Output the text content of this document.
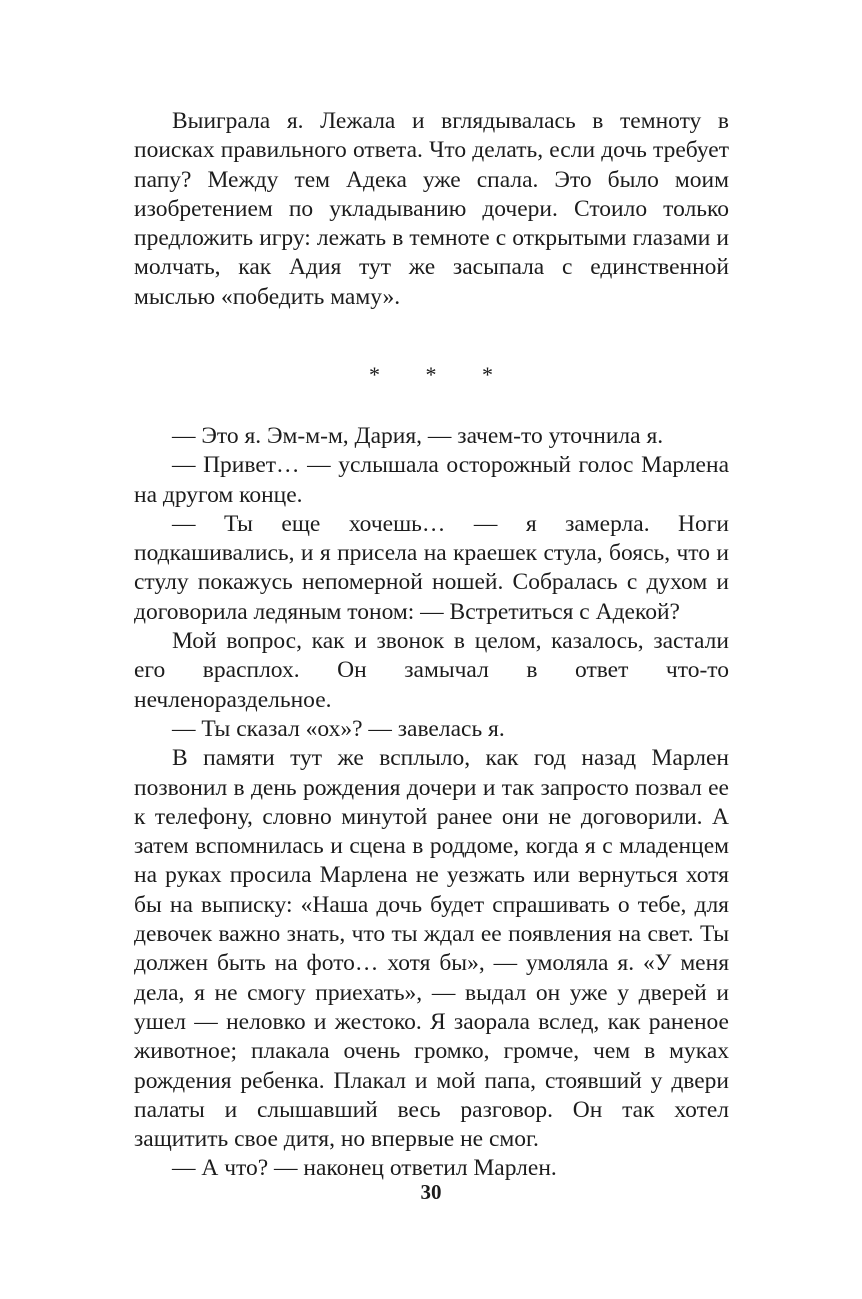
Выиграла я. Лежала и вглядывалась в темноту в поисках правильного ответа. Что делать, если дочь требует папу? Между тем Адека уже спала. Это было моим изобретением по укладыванию дочери. Стоило только предложить игру: лежать в темноте с открытыми глазами и молчать, как Адия тут же засыпала с единственной мыслью «победить маму».

* * *

— Это я. Эм-м-м, Дария, — зачем-то уточнила я.

— Привет… — услышала осторожный голос Марлена на другом конце.

— Ты еще хочешь… — я замерла. Ноги подкашивались, и я присела на краешек стула, боясь, что и стулу покажусь непомерной ношей. Собралась с духом и договорила ледяным тоном: — Встретиться с Адекой?

Мой вопрос, как и звонок в целом, казалось, застали его врасплох. Он замычал в ответ что-то нечленораздельное.

— Ты сказал «ох»? — завелась я.

В памяти тут же всплыло, как год назад Марлен позвонил в день рождения дочери и так запросто позвал ее к телефону, словно минутой ранее они не договорили. А затем вспомнилась и сцена в роддоме, когда я с младенцем на руках просила Марлена не уезжать или вернуться хотя бы на выписку: «Наша дочь будет спрашивать о тебе, для девочек важно знать, что ты ждал ее появления на свет. Ты должен быть на фото… хотя бы», — умоляла я. «У меня дела, я не смогу приехать», — выдал он уже у дверей и ушел — неловко и жестоко. Я заорала вслед, как раненое животное; плакала очень громко, громче, чем в муках рождения ребенка. Плакал и мой папа, стоявший у двери палаты и слышавший весь разговор. Он так хотел защитить свое дитя, но впервые не смог.

— А что? — наконец ответил Марлен.

30
